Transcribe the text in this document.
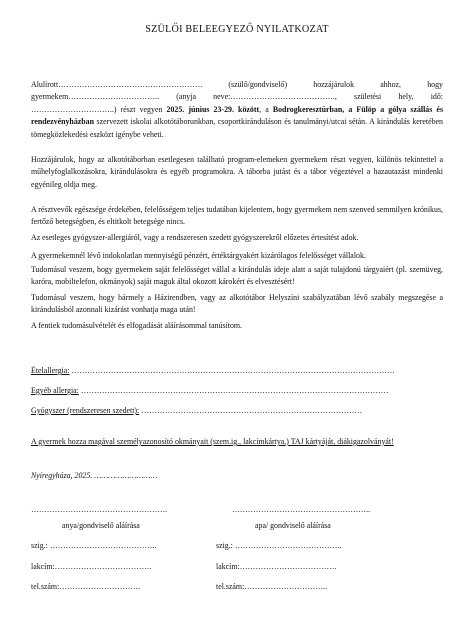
SZÜLŐI BELEEGYEZŐ NYILATKOZAT
Alulírott………………………………………………. (szülő/gondviselő) hozzájárulok ahhoz, hogy gyermekem…………………………….. (anyja neve:…………………………………., születési hely, idő: …………………………..) részt vegyen 2025. június 23-29. között, a Bodrogkeresztúrban, a Fülöp a gólya szállás és rendezvényházban szervezett iskolai alkotótáborunkban, csoportkiránduláson és tanulmányi/utcai sétán. A kirándulás keretében tömegközlekedési eszközt igénybe veheti.
Hozzájárulok, hogy az alkotótáborban esetlegesen található program-elemeken gyermekem részt vegyen, különös tekintettel a műhelyfoglalkozásokra, kirándulásokra és egyéb programokra. A táborba jutást és a tábor végeztével a hazautazást mindenki egyénileg oldja meg.
A résztvevők egészsége érdekében, felelősségem teljes tudatában kijelentem, hogy gyermekem nem szenved semmilyen krónikus, fertőző betegségben, és eltitkolt betegsége nincs.
Az esetleges gyógyszer-allergiáról, vagy a rendszeresen szedett gyógyszerekről előzetes értesítést adok.
A gyermekemnél lévő indokolatlan mennyiségű pénzért, értéktárgyakért kizárólagos felelősséget vállalok.
Tudomásul veszem, hogy gyermekem saját felelősséget vállal a kirándulás ideje alatt a saját tulajdonú tárgyaiért (pl. szemüveg, karóra, mobiltelefon, okmányok) saját maguk által okozott károkért és elvesztésért!
Tudomásul veszem, hogy bármely a Házirendben, vagy az alkotótábor Helyszíni szabályzatában lévő szabály megszegése a kirándulásból azonnali kizárást vonhatja maga után!
A fentiek tudomásulvételét és elfogadását aláírásommal tanúsítom.
Ételallergia: ……………………………………………………………………………………………………………
Egyéb allergia: ………………………………………………………………………………………………………
Gyógyszer (rendszeresen szedett): …………………………………………………………………………
A gyermek hozza magával személyazonosító okmányait (szem.ig., lakcímkártya,) TAJ kártyáját, diákigazolványát!
Nyíregyháza, 2025. ………………………
…………………………………………….	……………………………………………..
anya/gondviselő aláírása	apa/ gondviselő aláírása
szig.: …………………………………..	szig.: …………………………………..
lakcím:……………………………….	lakcím:……………………………….
tel.szám:………………………….	tel.szám:…………………………..
